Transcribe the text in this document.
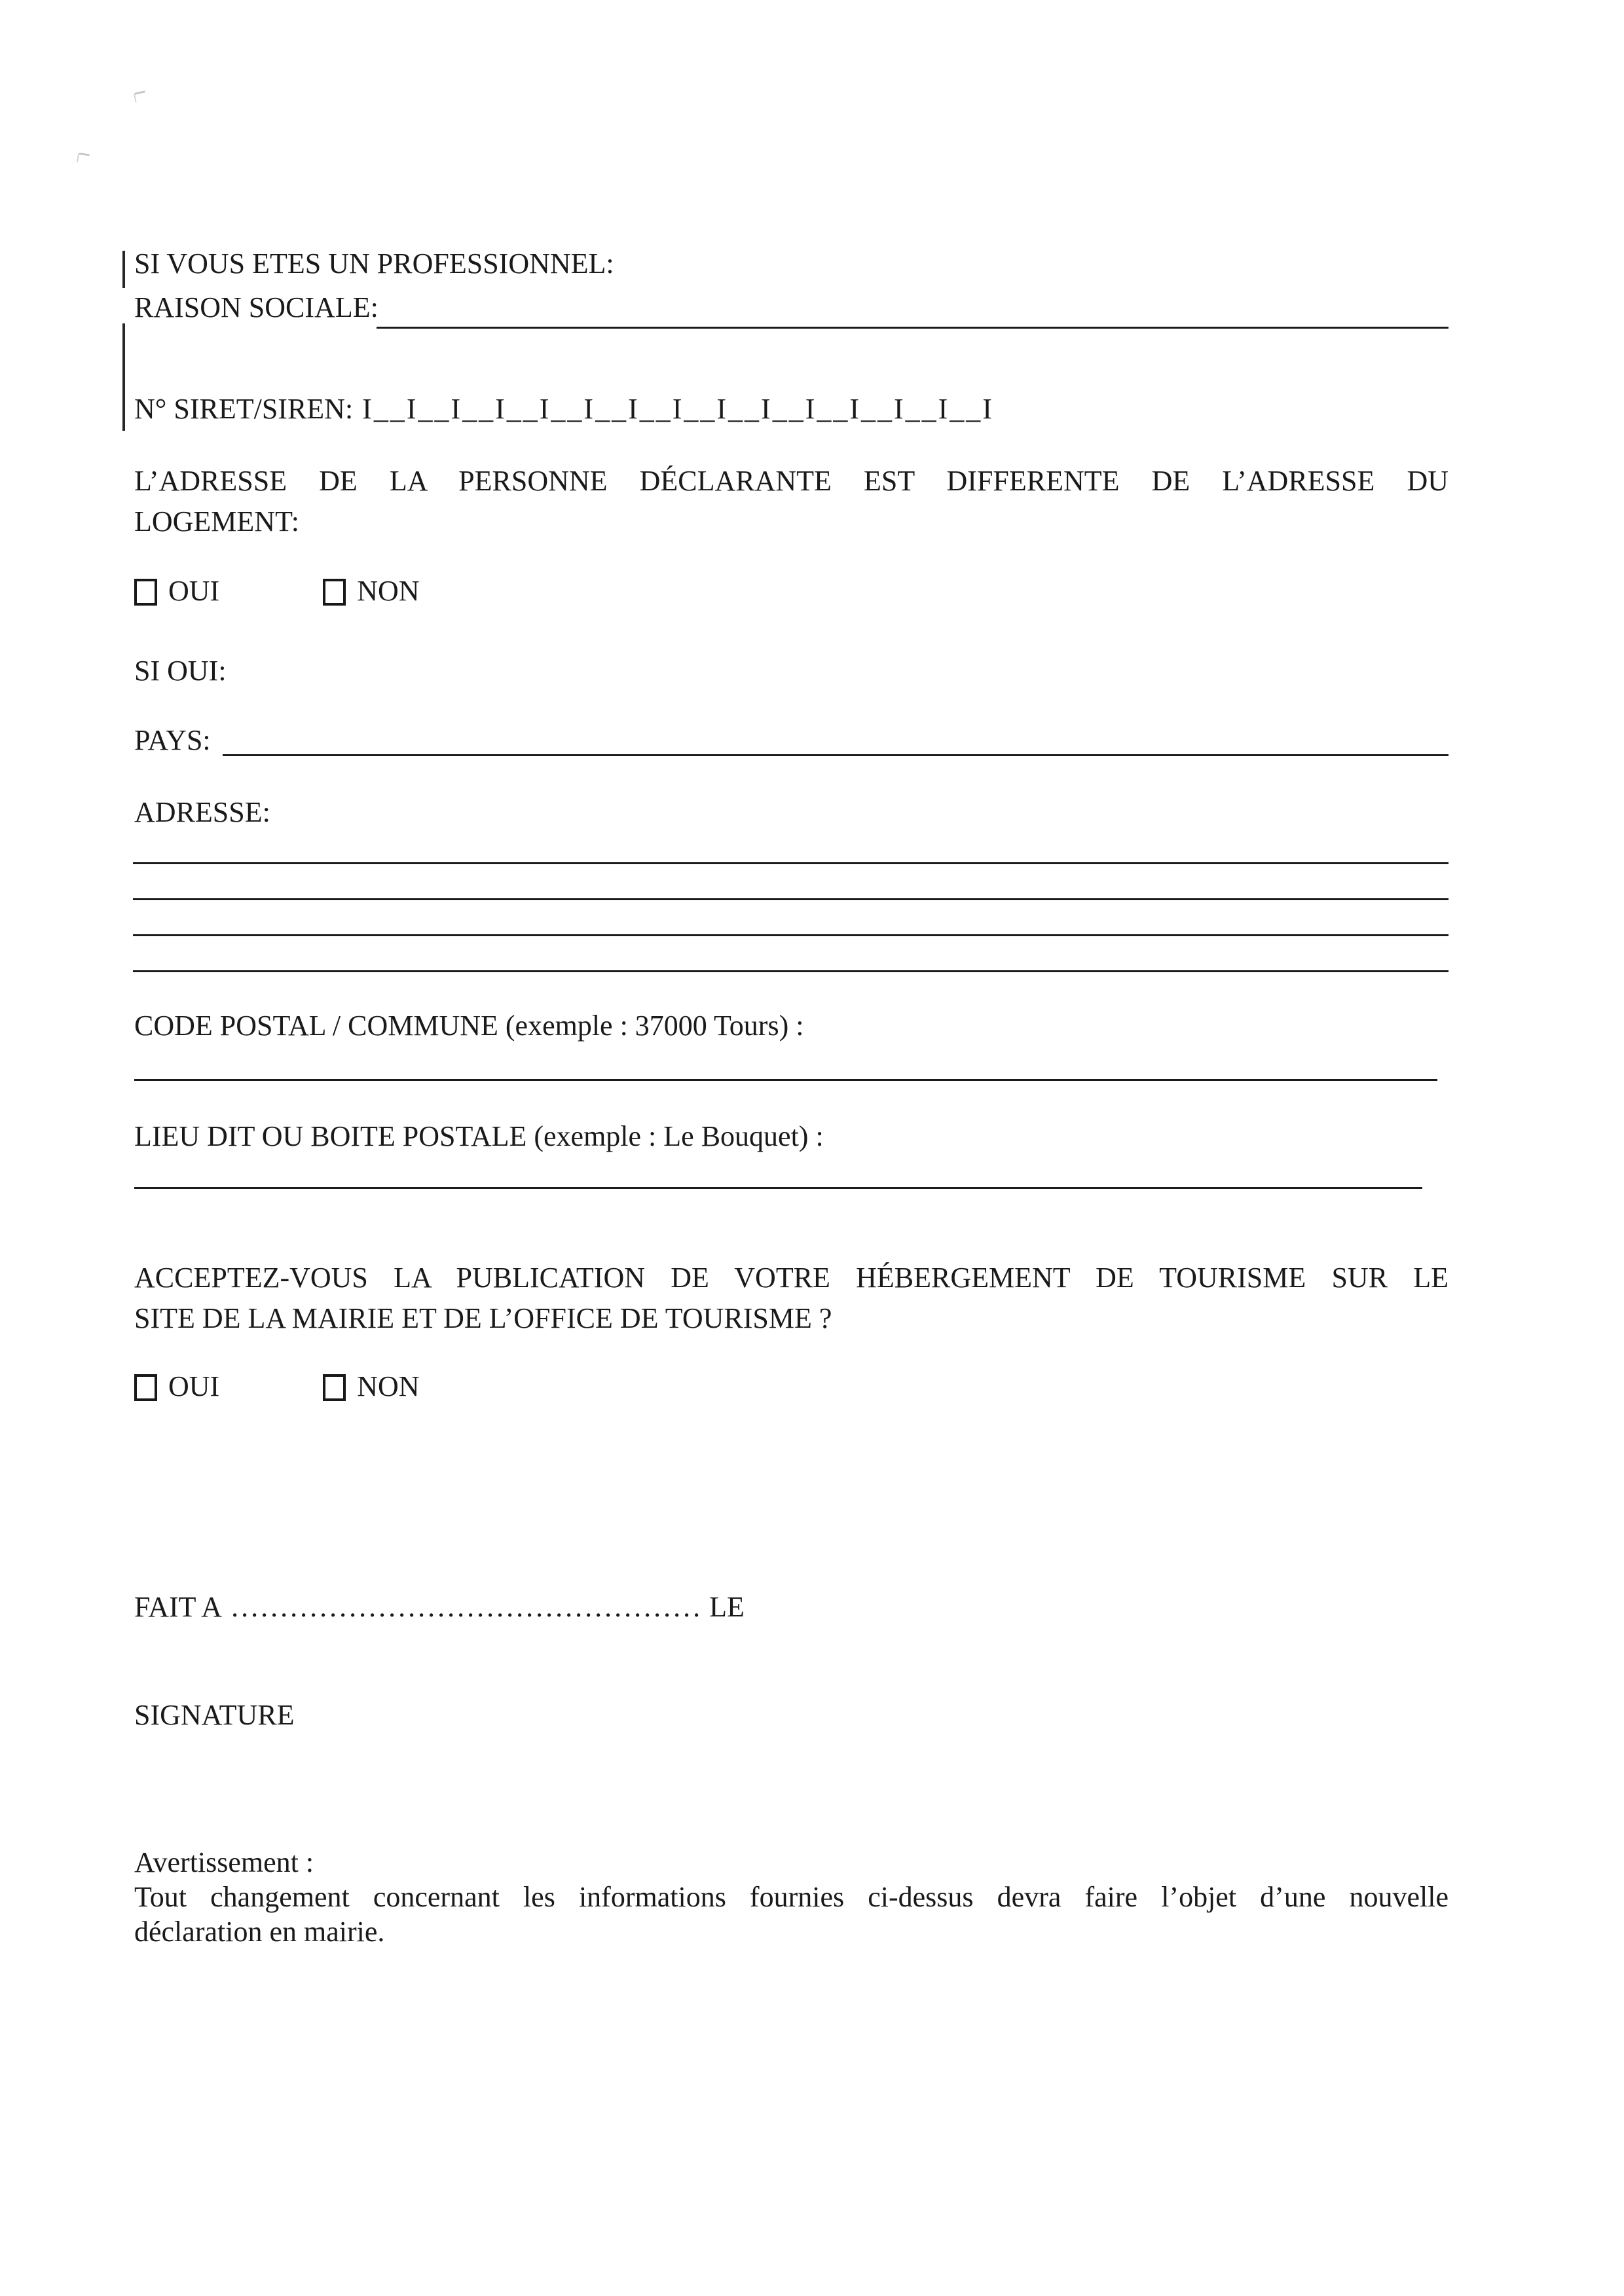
SI VOUS ETES UN PROFESSIONNEL:
RAISON SOCIALE:
N° SIRET/SIREN: I__I__I__I__I__I__I__I__I__I__I__I__I__I__I
L’ADRESSE DE LA PERSONNE DÉCLARANTE EST DIFFERENTE DE L’ADRESSE DU
LOGEMENT:
OUI	NON
SI OUI:
PAYS:
ADRESSE:
CODE POSTAL / COMMUNE (exemple : 37000 Tours) :
LIEU DIT OU BOITE POSTALE (exemple : Le Bouquet) :
ACCEPTEZ-VOUS LA PUBLICATION DE VOTRE HÉBERGEMENT DE TOURISME SUR LE
SITE DE LA MAIRIE ET DE L’OFFICE DE TOURISME ?
OUI	NON
FAIT A ................................................ LE
SIGNATURE
Avertissement :
Tout changement concernant les informations fournies ci-dessus devra faire l’objet d’une nouvelle
déclaration en mairie.
